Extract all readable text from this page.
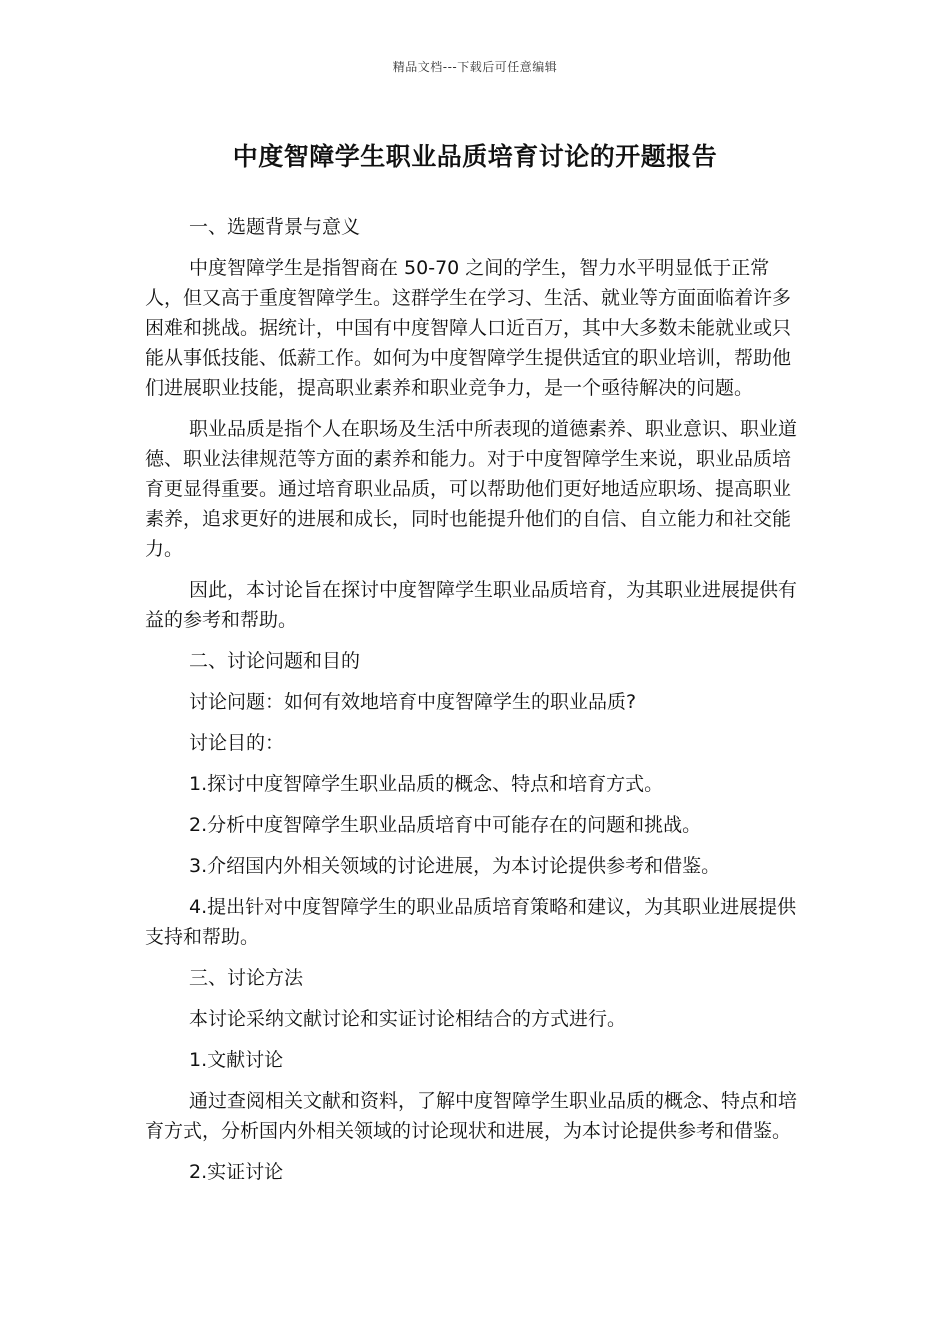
精品文档---下载后可任意编辑
中度智障学生职业品质培育讨论的开题报告

一、选题背景与意义

中度智障学生是指智商在 50-70 之间的学生，智力水平明显低于正常人，但又高于重度智障学生。这群学生在学习、生活、就业等方面面临着许多困难和挑战。据统计，中国有中度智障人口近百万，其中大多数未能就业或只能从事低技能、低薪工作。如何为中度智障学生提供适宜的职业培训，帮助他们进展职业技能，提高职业素养和职业竞争力，是一个亟待解决的问题。

职业品质是指个人在职场及生活中所表现的道德素养、职业意识、职业道德、职业法律规范等方面的素养和能力。对于中度智障学生来说，职业品质培育更显得重要。通过培育职业品质，可以帮助他们更好地适应职场、提高职业素养，追求更好的进展和成长，同时也能提升他们的自信、自立能力和社交能力。

因此，本讨论旨在探讨中度智障学生职业品质培育，为其职业进展提供有益的参考和帮助。

二、讨论问题和目的

讨论问题：如何有效地培育中度智障学生的职业品质?

讨论目的：

1.探讨中度智障学生职业品质的概念、特点和培育方式。

2.分析中度智障学生职业品质培育中可能存在的问题和挑战。

3.介绍国内外相关领域的讨论进展，为本讨论提供参考和借鉴。

4.提出针对中度智障学生的职业品质培育策略和建议，为其职业进展提供支持和帮助。

三、讨论方法

本讨论采纳文献讨论和实证讨论相结合的方式进行。

1.文献讨论

通过查阅相关文献和资料，了解中度智障学生职业品质的概念、特点和培育方式，分析国内外相关领域的讨论现状和进展，为本讨论提供参考和借鉴。

2.实证讨论
